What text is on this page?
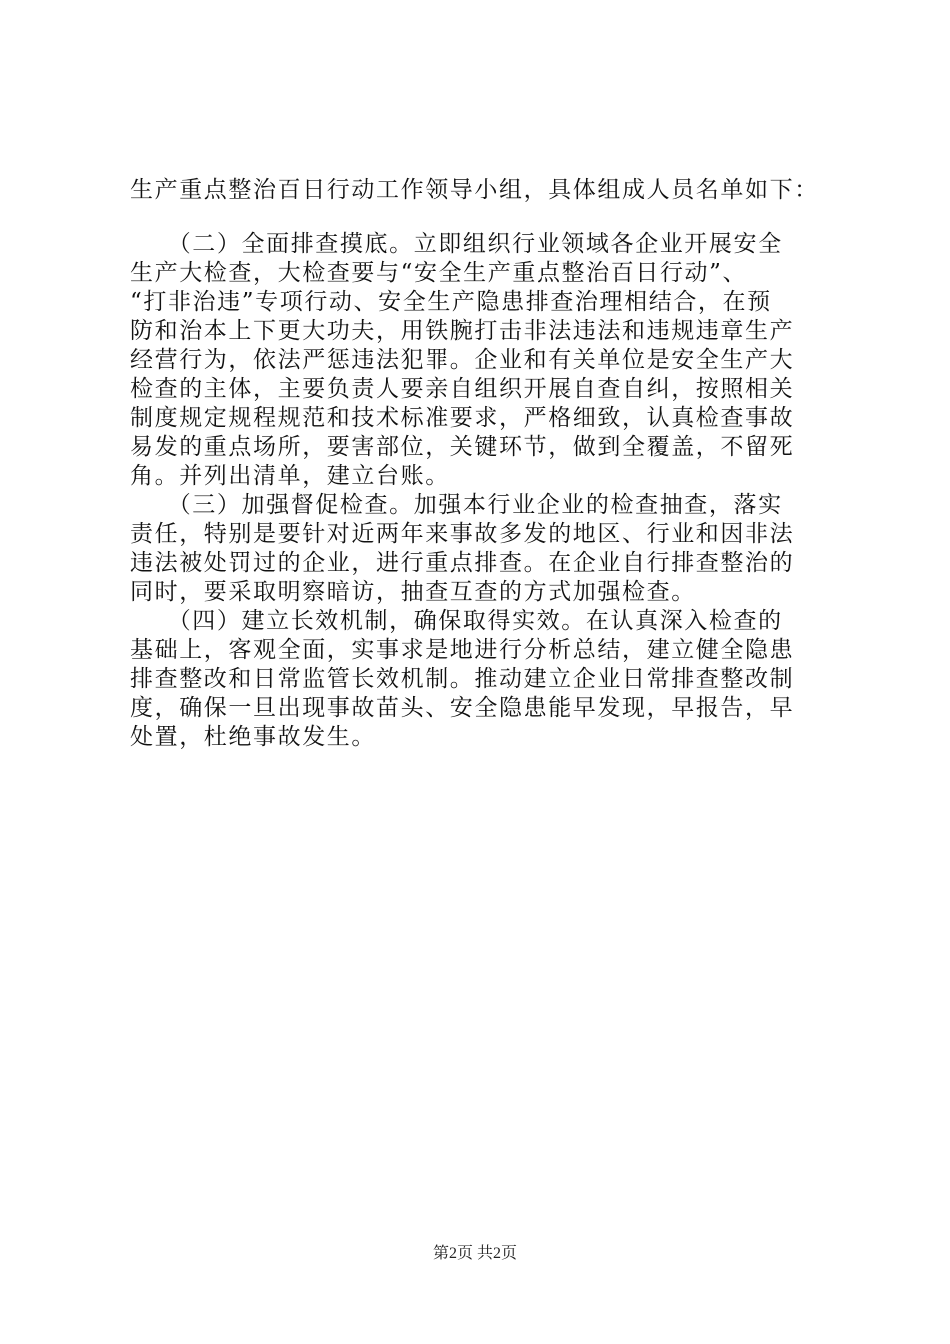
生产重点整治百日行动工作领导小组，具体组成人员名单如下：
　　（二）全面排查摸底。立即组织行业领域各企业开展安全
生产大检查，大检查要与“安全生产重点整治百日行动”、
“打非治违”专项行动、安全生产隐患排查治理相结合，在预
防和治本上下更大功夫，用铁腕打击非法违法和违规违章生产
经营行为，依法严惩违法犯罪。企业和有关单位是安全生产大
检查的主体，主要负责人要亲自组织开展自查自纠，按照相关
制度规定规程规范和技术标准要求，严格细致，认真检查事故
易发的重点场所，要害部位，关键环节，做到全覆盖，不留死
角。并列出清单，建立台账。
　　（三）加强督促检查。加强本行业企业的检查抽查，落实
责任，特别是要针对近两年来事故多发的地区、行业和因非法
违法被处罚过的企业，进行重点排查。在企业自行排查整治的
同时，要采取明察暗访，抽查互查的方式加强检查。
　　（四）建立长效机制，确保取得实效。在认真深入检查的
基础上，客观全面，实事求是地进行分析总结，建立健全隐患
排查整改和日常监管长效机制。推动建立企业日常排查整改制
度，确保一旦出现事故苗头、安全隐患能早发现，早报告，早
处置，杜绝事故发生。
第2页 共2页
